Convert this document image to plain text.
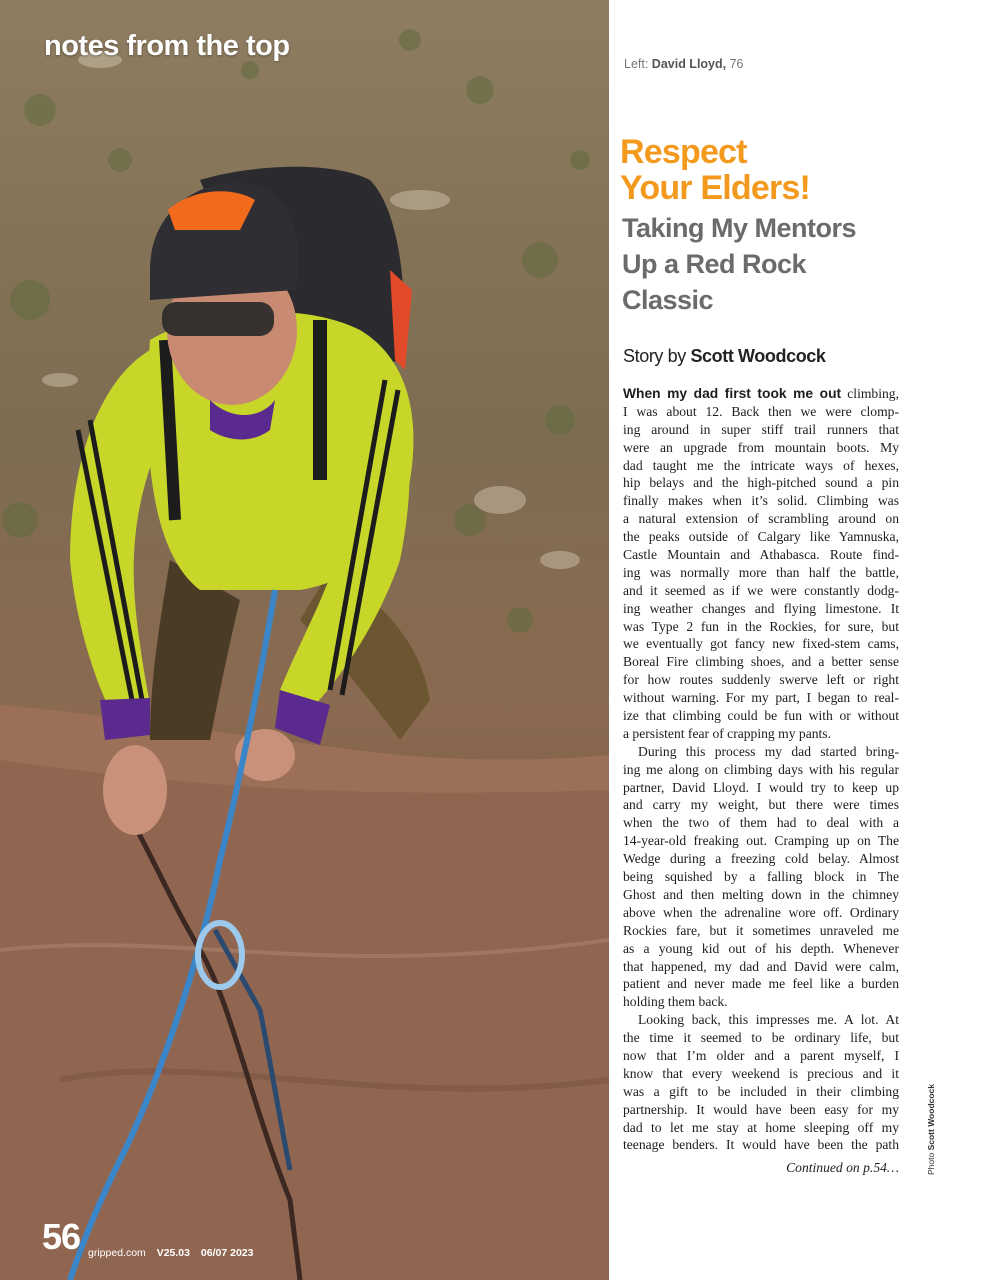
notes from the top
56 gripped.com V25.03 06/07 2023
Left: David Lloyd, 76
Respect
Your Elders!
Taking My Mentors
Up a Red Rock
Classic
Story by Scott Woodcock
When my dad first took me out climbing,
I was about 12. Back then we were clomp-
ing around in super stiff trail runners that
were an upgrade from mountain boots. My
dad taught me the intricate ways of hexes,
hip belays and the high-pitched sound a pin
finally makes when it’s solid. Climbing was
a natural extension of scrambling around on
the peaks outside of Calgary like Yamnuska,
Castle Mountain and Athabasca. Route find-
ing was normally more than half the battle,
and it seemed as if we were constantly dodg-
ing weather changes and flying limestone. It
was Type 2 fun in the Rockies, for sure, but
we eventually got fancy new fixed-stem cams,
Boreal Fire climbing shoes, and a better sense
for how routes suddenly swerve left or right
without warning. For my part, I began to real-
ize that climbing could be fun with or without
a persistent fear of crapping my pants.
During this process my dad started bring-
ing me along on climbing days with his regular
partner, David Lloyd. I would try to keep up
and carry my weight, but there were times
when the two of them had to deal with a
14-year-old freaking out. Cramping up on The
Wedge during a freezing cold belay. Almost
being squished by a falling block in The
Ghost and then melting down in the chimney
above when the adrenaline wore off. Ordinary
Rockies fare, but it sometimes unraveled me
as a young kid out of his depth. Whenever
that happened, my dad and David were calm,
patient and never made me feel like a burden
holding them back.
Looking back, this impresses me. A lot. At
the time it seemed to be ordinary life, but
now that I’m older and a parent myself, I
know that every weekend is precious and it
was a gift to be included in their climbing
partnership. It would have been easy for my
dad to let me stay at home sleeping off my
teenage benders. It would have been the path
Continued on p.54…	Photo Scott Woodcock
